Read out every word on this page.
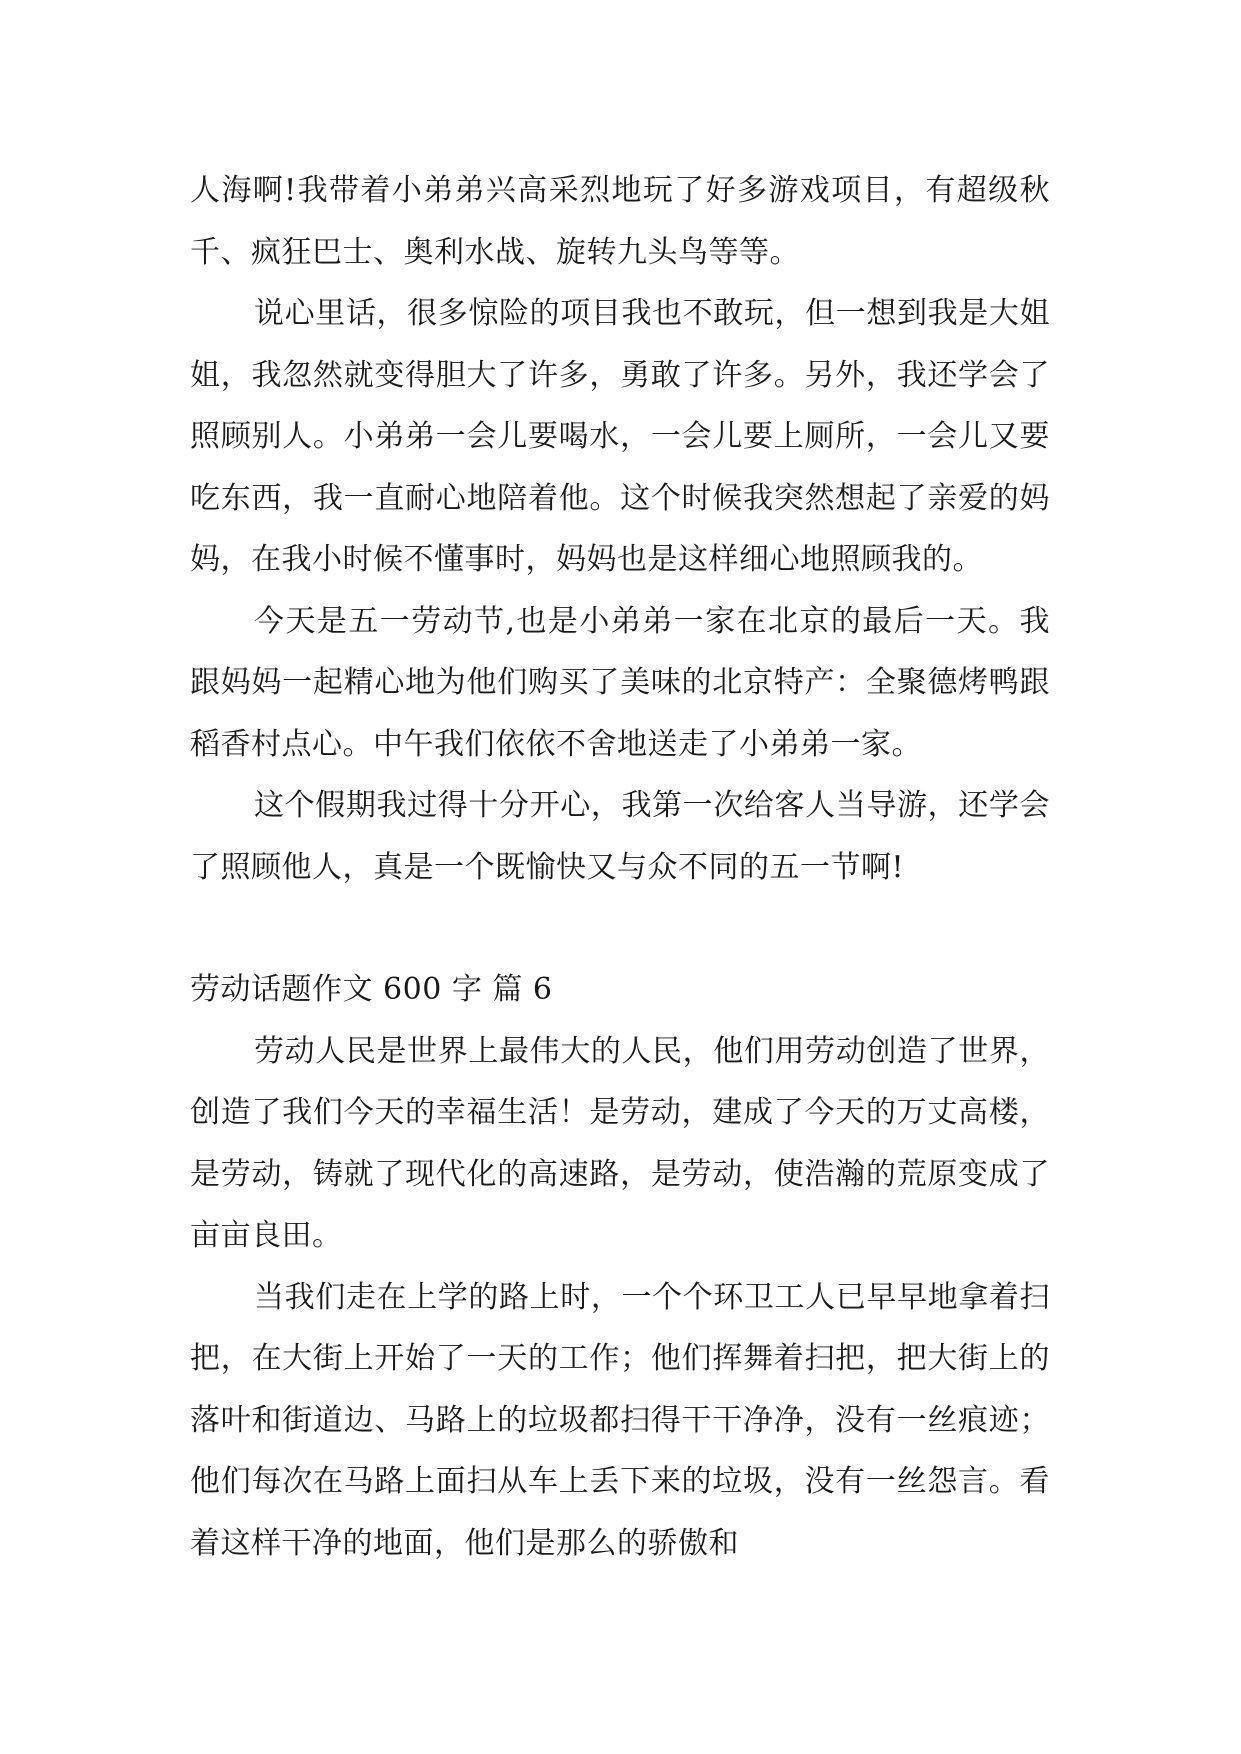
人海啊!我带着小弟弟兴高采烈地玩了好多游戏项目，有超级秋千、疯狂巴士、奥利水战、旋转九头鸟等等。

说心里话，很多惊险的项目我也不敢玩，但一想到我是大姐姐，我忽然就变得胆大了许多，勇敢了许多。另外，我还学会了照顾别人。小弟弟一会儿要喝水，一会儿要上厕所，一会儿又要吃东西，我一直耐心地陪着他。这个时候我突然想起了亲爱的妈妈，在我小时候不懂事时，妈妈也是这样细心地照顾我的。

今天是五一劳动节,也是小弟弟一家在北京的最后一天。我跟妈妈一起精心地为他们购买了美味的北京特产：全聚德烤鸭跟稻香村点心。中午我们依依不舍地送走了小弟弟一家。

这个假期我过得十分开心，我第一次给客人当导游，还学会了照顾他人，真是一个既愉快又与众不同的五一节啊!

劳动话题作文 600 字 篇 6

劳动人民是世界上最伟大的人民，他们用劳动创造了世界，创造了我们今天的幸福生活！是劳动，建成了今天的万丈高楼，是劳动，铸就了现代化的高速路，是劳动，使浩瀚的荒原变成了亩亩良田。

当我们走在上学的路上时，一个个环卫工人已早早地拿着扫把，在大街上开始了一天的工作；他们挥舞着扫把，把大街上的落叶和街道边、马路上的垃圾都扫得干干净净，没有一丝痕迹；他们每次在马路上面扫从车上丢下来的垃圾，没有一丝怨言。看着这样干净的地面，他们是那么的骄傲和
